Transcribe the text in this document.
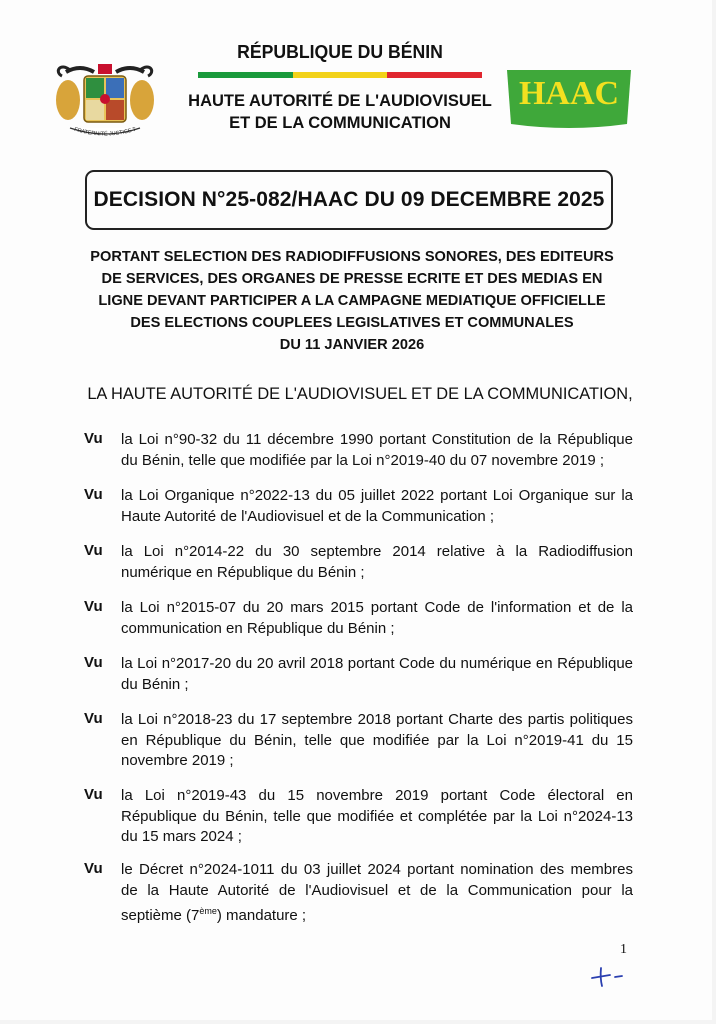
FRATERNITÉ JUSTICE T
RÉPUBLIQUE DU BÉNIN
HAUTE AUTORITÉ DE L'AUDIOVISUEL
ET DE LA COMMUNICATION
HAAC
DECISION N°25-082/HAAC DU 09 DECEMBRE 2025
PORTANT SELECTION DES RADIODIFFUSIONS SONORES, DES EDITEURS
DE SERVICES, DES ORGANES DE PRESSE ECRITE ET DES MEDIAS EN
LIGNE DEVANT PARTICIPER A LA CAMPAGNE MEDIATIQUE OFFICIELLE
DES ELECTIONS COUPLEES LEGISLATIVES ET COMMUNALES
DU 11 JANVIER 2026
LA HAUTE AUTORITÉ DE L'AUDIOVISUEL ET DE LA COMMUNICATION,
Vu la Loi n°90-32 du 11 décembre 1990 portant Constitution de la République
du Bénin, telle que modifiée par la Loi n°2019-40 du 07 novembre 2019 ;
Vu la Loi Organique n°2022-13 du 05 juillet 2022 portant Loi Organique sur la
Haute Autorité de l'Audiovisuel et de la Communication ;
Vu la Loi n°2014-22 du 30 septembre 2014 relative à la Radiodiffusion
numérique en République du Bénin ;
Vu la Loi n°2015-07 du 20 mars 2015 portant Code de l'information et de la
communication en République du Bénin ;
Vu la Loi n°2017-20 du 20 avril 2018 portant Code du numérique en République
du Bénin ;
Vu la Loi n°2018-23 du 17 septembre 2018 portant Charte des partis politiques
en République du Bénin, telle que modifiée par la Loi n°2019-41 du 15
novembre 2019 ;
Vu la Loi n°2019-43 du 15 novembre 2019 portant Code électoral en
République du Bénin, telle que modifiée et complétée par la Loi n°2024-13
du 15 mars 2024 ;
Vu le Décret n°2024-1011 du 03 juillet 2024 portant nomination des membres
de la Haute Autorité de l'Audiovisuel et de la Communication pour la
septième (7ème) mandature ;
1
